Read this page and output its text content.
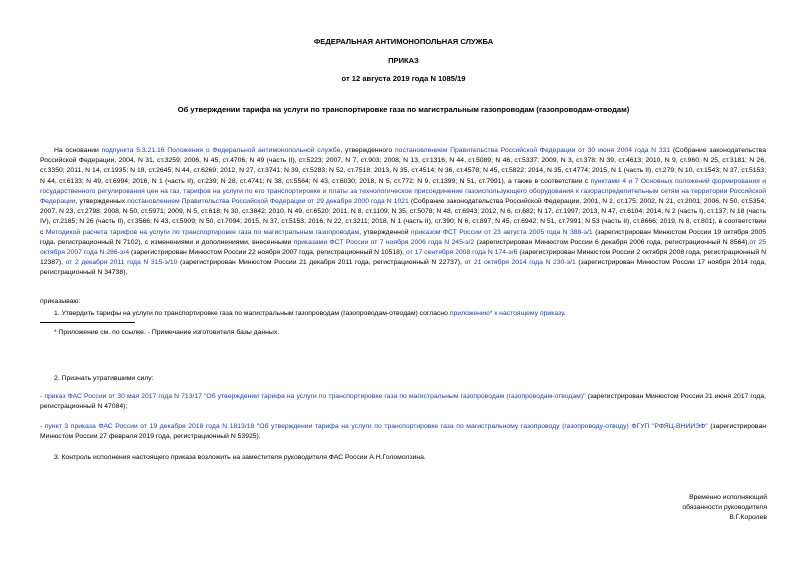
ФЕДЕРАЛЬНАЯ АНТИМОНОПОЛЬНАЯ СЛУЖБА
ПРИКАЗ
от 12 августа 2019 года N 1085/19
Об утверждении тарифа на услуги по транспортировке газа по магистральным газопроводам (газопроводам-отводам)
На основании подпункта 5.3.21.16 Положения о Федеральной антимонопольной службе, утвержденного постановлением Правительства Российской Федерации от 30 июня 2004 года N 331 (Собрание законодательства Российской Федерации, 2004, N 31, ст.3259; 2006, N 45, ст.4706; N 49 (часть II), ст.5223; 2007, N 7, ст.903; 2008, N 13, ст.1316; N 44, ст.5089; N 46, ст.5337; 2009, N 3, ст.378; N 39, ст.4613; 2010, N 9, ст.960; N 25, ст.3181; N 26, ст.3350; 2011, N 14, ст.1935; N 18, ст.2645; N 44, ст.6269; 2012, N 27, ст.3741; N 39, ст.5283; N 52, ст.7518; 2013, N 35, ст.4514; N 36, ст.4578; N 45, ст.5822; 2014, N 35, ст.4774; 2015, N 1 (часть II), ст.279; N 10, ст.1543; N 37, ст.5153; N 44, ст.6133; N 49, ст.6994; 2016, N 1 (часть II), ст.239; N 28, ст.4741; N 38, ст.5564; N 43, ст.6030; 2018, N 5, ст.772; N 9, ст.1399; N 51, ст.7991), а также в соответствии с пунктами 4 и 7 Основных положений формирования и государственного регулирования цен на газ, тарифов на услуги по его транспортировке и платы за технологическое присоединение газоиспользующего оборудования к газораспределительным сетям на территории Российской Федерации, утвержденных постановлением Правительства Российской Федерации от 29 декабря 2000 года N 1021 (Собрание законодательства Российской Федерации, 2001, N 2, ст.175; 2002, N 21, ст.2001; 2006, N 50, ст.5354; 2007, N 23, ст.2798; 2008, N 50, ст.5971; 2009, N 5, ст.618; N 30, ст.3842; 2010, N 49, ст.6520; 2011, N 8, ст.1109; N 35, ст.5078; N 48, ст.6943; 2012, N 6, ст.682; N 17, ст.1997; 2013, N 47, ст.6104; 2014, N 2 (часть I), ст.137; N 18 (часть IV), ст.2185; N 26 (часть II), ст.3566; N 43, ст.5909; N 50, ст.7094; 2015, N 37, ст.5153; 2016, N 22, ст.3211; 2018, N 1 (часть II), ст.390; N 6, ст.897; N 45, ст.6942; N 51, ст.7991; N 53 (часть II), ст.8666; 2019, N 8, ст.801), в соответствии с Методикой расчета тарифов на услуги по транспортировке газа по магистральным газопроводам, утвержденной приказом ФСТ России от 23 августа 2005 года N 388-э/1 (зарегистрирован Минюстом России 19 октября 2005 года, регистрационный N 7102), с изменениями и дополнениями, внесенными приказами ФСТ России от 7 ноября 2006 года N 245-э/2 (зарегистрирован Минюстом России 6 декабря 2006 года, регистрационный N 8564),от 25 октября 2007 года N 286-э/4 (зарегистрирован Минюстом России 22 ноября 2007 года, регистрационный N 10518), от 17 сентября 2008 года N 174-э/6 (зарегистрирован Минюстом России 2 октября 2008 года, регистрационный N 12387), от 2 декабря 2011 года N 315-э/10 (зарегистрирован Минюстом России 21 декабря 2011 года, регистрационный N 22737), от 21 октября 2014 года N 230-э/1 (зарегистрирован Минюстом России 17 ноября 2014 года, регистрационный N 34738),
приказываю:
1. Утвердить тарифы на услуги по транспортировке газа по магистральным газопроводам (газопроводам-отводам) согласно приложению* к настоящему приказу.
* Приложение см. по ссылке. - Примечание изготовителя базы данных.
2. Признать утратившими силу:
- приказ ФАС России от 30 мая 2017 года N 713/17 "Об утверждении тарифа на услуги по транспортировке газа по магистральным газопроводам (газопроводам-отводам)" (зарегистрирован Минюстом России 21 июня 2017 года, регистрационный N 47084);
- пункт 3 приказа ФАС России от 19 декабря 2018 года N 1813/18 "Об утверждении тарифа на услуги по транспортировке газа по магистральному газопроводу (газопроводу-отводу) ФГУП "РФЯЦ-ВНИИЭФ" (зарегистрирован Минюстом России 27 февраля 2019 года, регистрационный N 53925).
3. Контроль исполнения настоящего приказа возложить на заместителя руководителя ФАС России А.Н.Голомолзина.
Временно исполняющий
обязанности руководителя
В.Г.Королев
